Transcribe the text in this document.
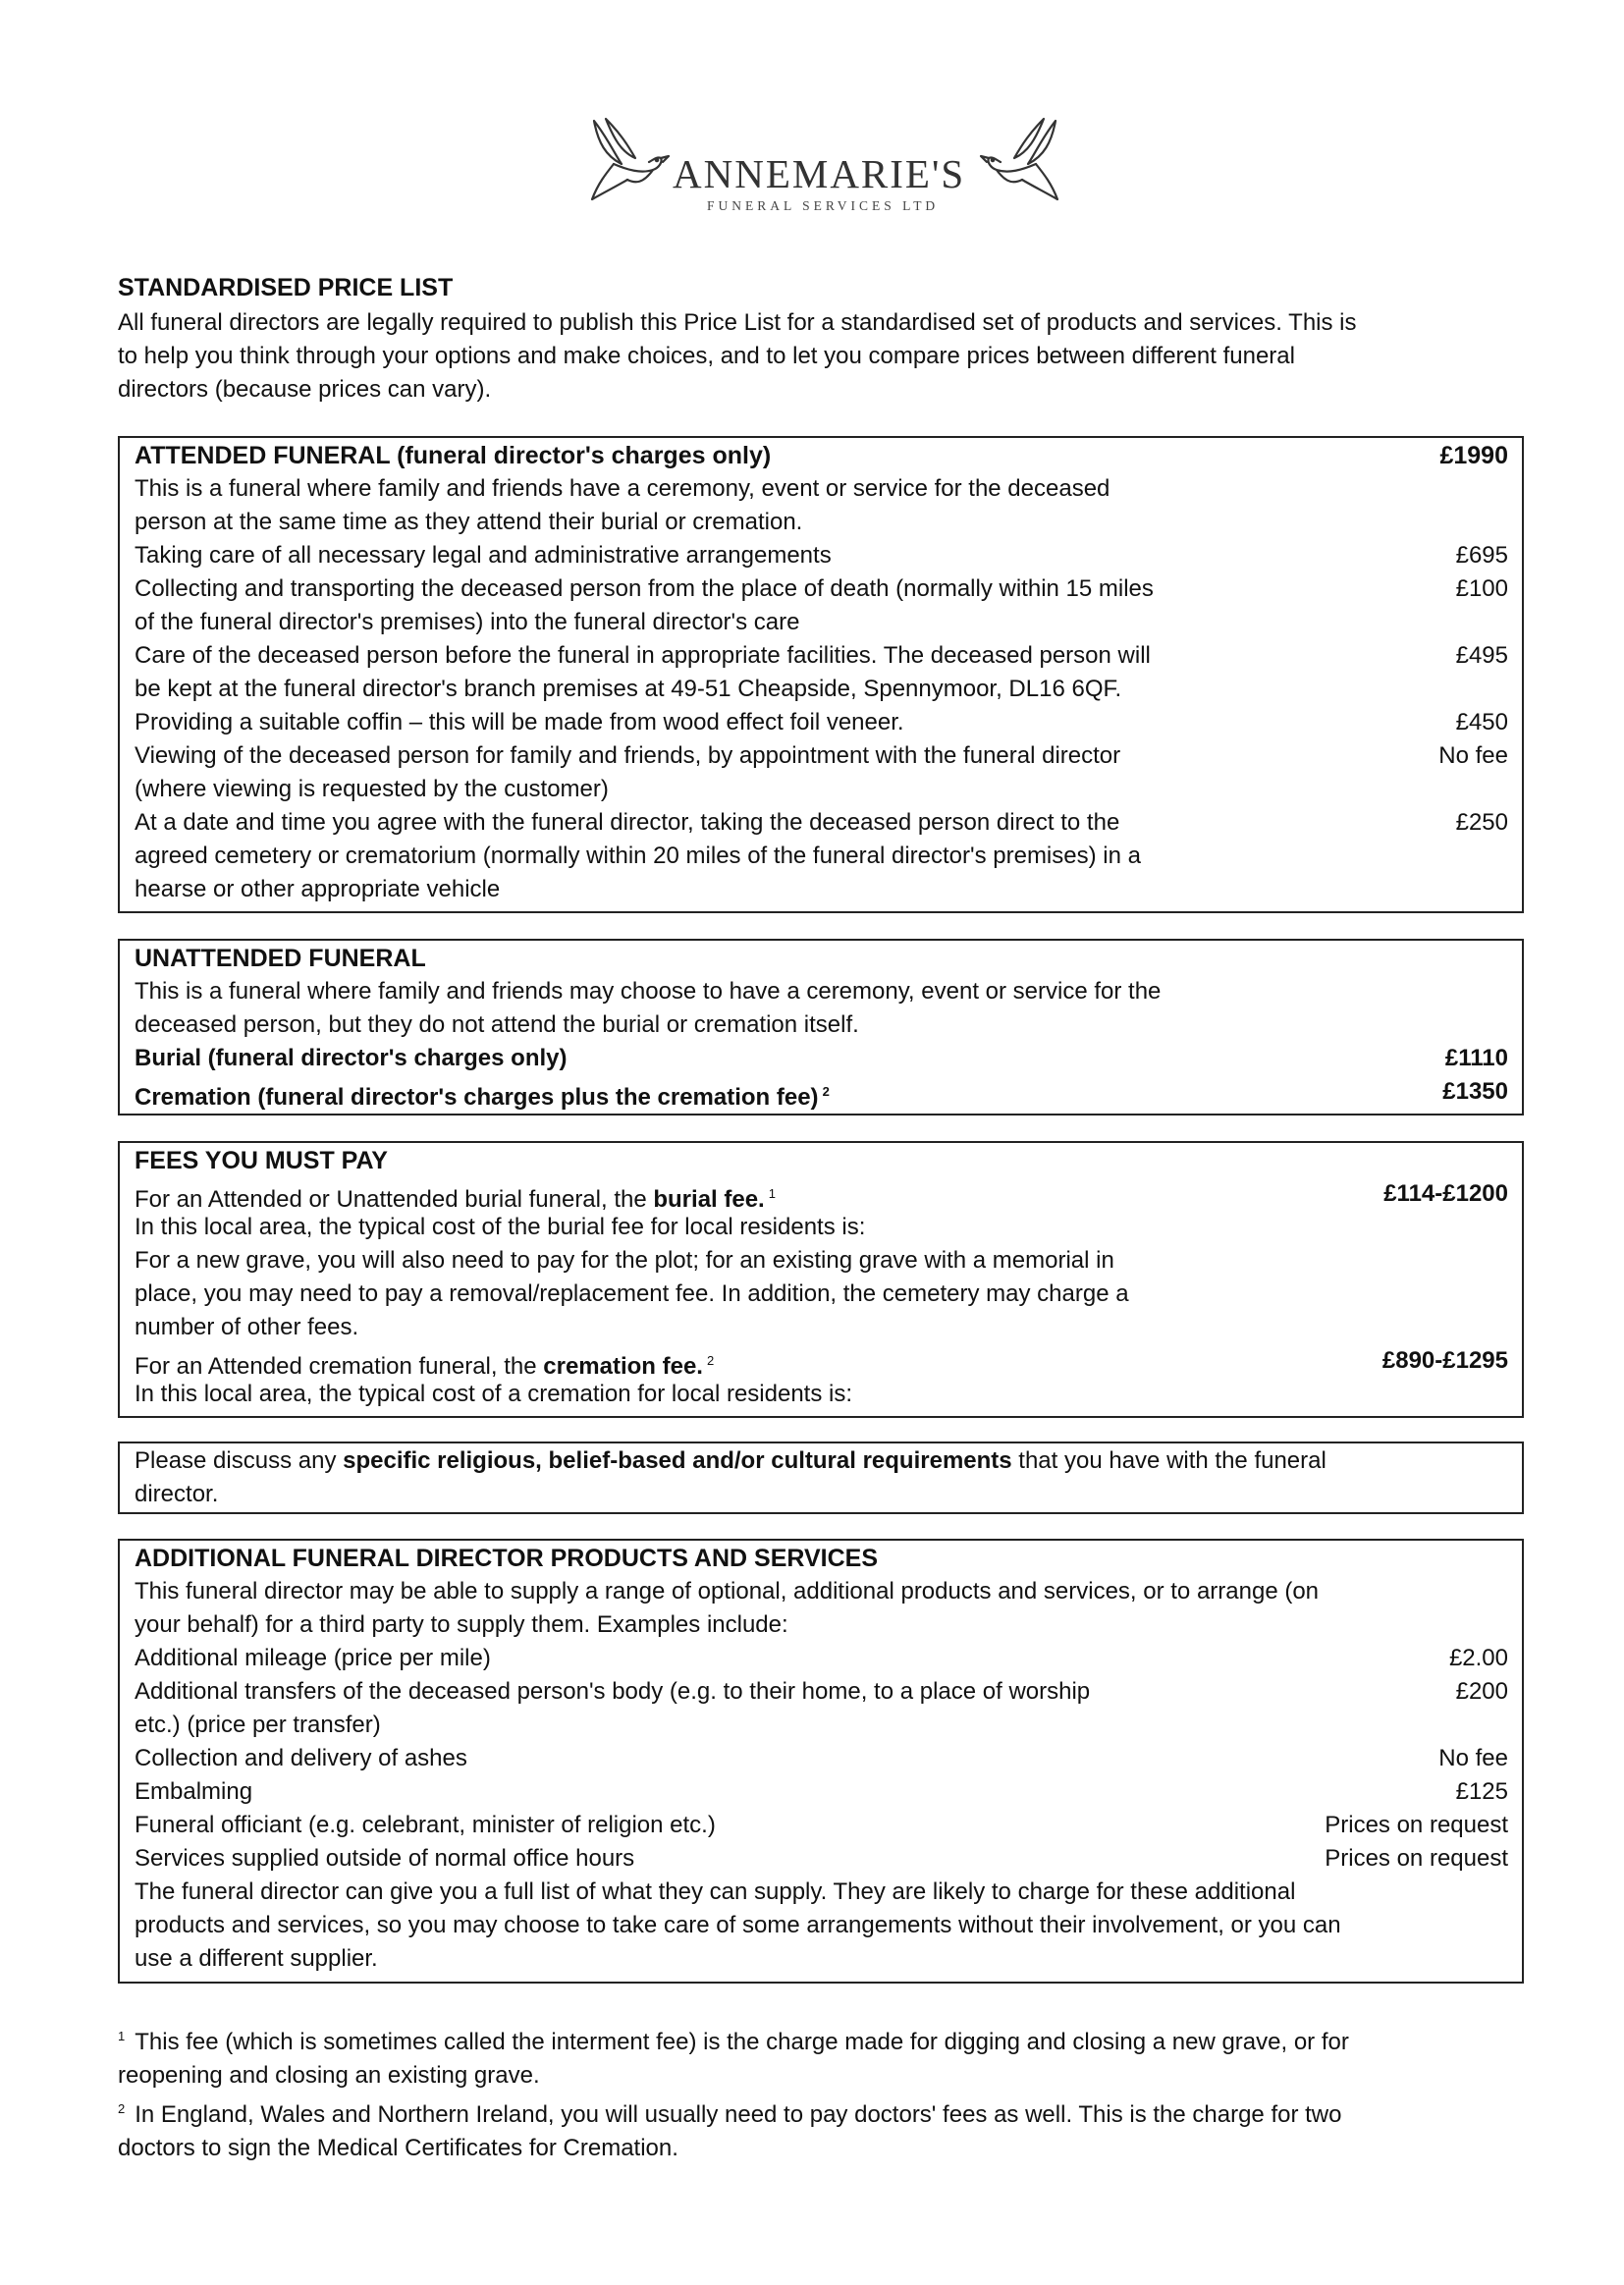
ANNEMARIE'S
FUNERAL SERVICES LTD
STANDARDISED PRICE LIST
All funeral directors are legally required to publish this Price List for a standardised set of products and services. This is
to help you think through your options and make choices, and to let you compare prices between different funeral
directors (because prices can vary).
ATTENDED FUNERAL (funeral director's charges only)	£1990
This is a funeral where family and friends have a ceremony, event or service for the deceased
person at the same time as they attend their burial or cremation.
Taking care of all necessary legal and administrative arrangements	£695
Collecting and transporting the deceased person from the place of death (normally within 15 miles	£100
of the funeral director's premises) into the funeral director's care
Care of the deceased person before the funeral in appropriate facilities. The deceased person will	£495
be kept at the funeral director's branch premises at 49-51 Cheapside, Spennymoor, DL16 6QF.
Providing a suitable coffin – this will be made from wood effect foil veneer.	£450
Viewing of the deceased person for family and friends, by appointment with the funeral director	No fee
(where viewing is requested by the customer)
At a date and time you agree with the funeral director, taking the deceased person direct to the	£250
agreed cemetery or crematorium (normally within 20 miles of the funeral director's premises) in a
hearse or other appropriate vehicle
UNATTENDED FUNERAL
This is a funeral where family and friends may choose to have a ceremony, event or service for the
deceased person, but they do not attend the burial or cremation itself.
Burial (funeral director's charges only)	£1110
Cremation (funeral director's charges plus the cremation fee) $^2$	£1350
FEES YOU MUST PAY
For an Attended or Unattended burial funeral, the burial fee. $^1$	£114-£1200
In this local area, the typical cost of the burial fee for local residents is:
For a new grave, you will also need to pay for the plot; for an existing grave with a memorial in
place, you may need to pay a removal/replacement fee. In addition, the cemetery may charge a
number of other fees.
For an Attended cremation funeral, the cremation fee. $^2$	£890-£1295
In this local area, the typical cost of a cremation for local residents is:
Please discuss any specific religious, belief-based and/or cultural requirements that you have with the funeral
director.
ADDITIONAL FUNERAL DIRECTOR PRODUCTS AND SERVICES
This funeral director may be able to supply a range of optional, additional products and services, or to arrange (on
your behalf) for a third party to supply them. Examples include:
Additional mileage (price per mile)	£2.00
Additional transfers of the deceased person's body (e.g. to their home, to a place of worship	£200
etc.) (price per transfer)
Collection and delivery of ashes	No fee
Embalming	£125
Funeral officiant (e.g. celebrant, minister of religion etc.)	Prices on request
Services supplied outside of normal office hours	Prices on request
The funeral director can give you a full list of what they can supply. They are likely to charge for these additional
products and services, so you may choose to take care of some arrangements without their involvement, or you can
use a different supplier.
$^1$ This fee (which is sometimes called the interment fee) is the charge made for digging and closing a new grave, or for
reopening and closing an existing grave.
$^2$ In England, Wales and Northern Ireland, you will usually need to pay doctors' fees as well. This is the charge for two
doctors to sign the Medical Certificates for Cremation.
